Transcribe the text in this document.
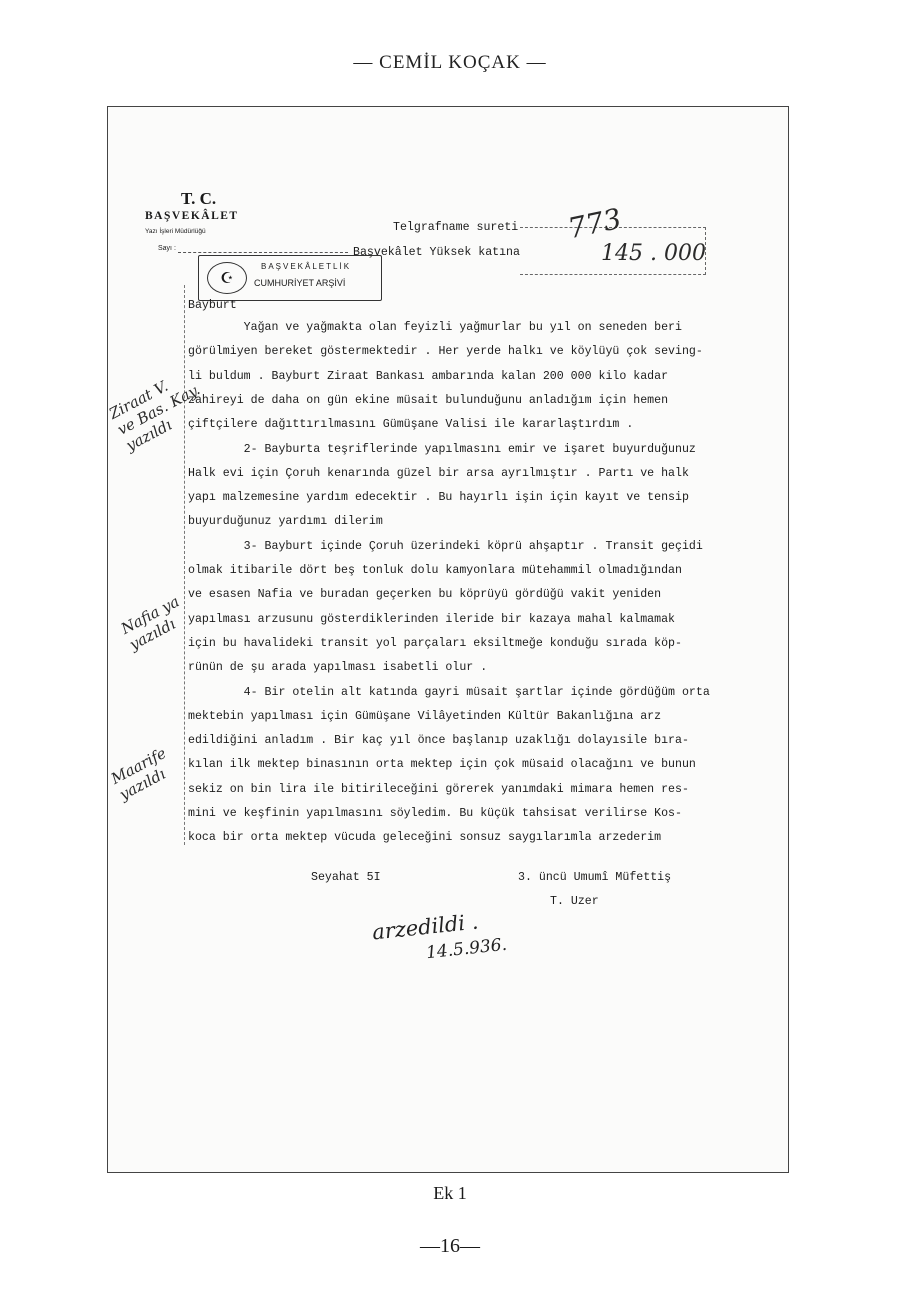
— CEMİL KOÇAK —
T. C.
BAŞVEKÂLET
Yazı İşleri Müdürlüğü
Sayı :
Telgrafname sureti
Başvekâlet Yüksek katına
773
145 . 000
☪
BAŞVEKÂLETLİK
CUMHURİYET ARŞİVİ
Bayburt
Yağan ve yağmakta olan feyizli yağmurlar bu yıl on seneden beri
görülmiyen bereket göstermektedir . Her yerde halkı ve köylüyü çok seving-
li buldum . Bayburt Ziraat Bankası ambarında kalan 200 000 kilo kadar
zahireyi de daha on gün ekine müsait bulunduğunu anladığım için hemen
çiftçilere dağıttırılmasını Gümüşane Valisi ile kararlaştırdım .
2- Bayburta teşriflerinde yapılmasını emir ve işaret buyurduğunuz
Halk evi için Çoruh kenarında güzel bir arsa ayrılmıştır . Partı ve halk
yapı malzemesine yardım edecektir . Bu hayırlı işin için kayıt ve tensip
buyurduğunuz yardımı dilerim
3- Bayburt içinde Çoruh üzerindeki köprü ahşaptır . Transit geçidi
olmak itibarile dört beş tonluk dolu kamyonlara mütehammil olmadığından
ve esasen Nafia ve buradan geçerken bu köprüyü gördüğü vakit yeniden
yapılması arzusunu gösterdiklerinden ileride bir kazaya mahal kalmamak
için bu havalideki transit yol parçaları eksiltmeğe konduğu sırada köp-
rünün de şu arada yapılması isabetli olur .
4- Bir otelin alt katında gayri müsait şartlar içinde gördüğüm orta
mektebin yapılması için Gümüşane Vilâyetinden Kültür Bakanlığına arz
edildiğini anladım . Bir kaç yıl önce başlanıp uzaklığı dolayısile bıra-
kılan ilk mektep binasının orta mektep için çok müsaid olacağını ve bunun
sekiz on bin lira ile bitirileceğini görerek yanımdaki mimara hemen res-
mini ve keşfinin yapılmasını söyledim. Bu küçük tahsisat verilirse Kos-
koca bir orta mektep vücuda geleceğini sonsuz saygılarımla arzederim
Seyahat 5I	3. üncü Umumî Müfettiş
T. Uzer
Ziraat V.
ve Bas. Kay.
yazıldı
Nafia ya
yazıldı
Maarife
yazıldı
arzedildi .
14.5.936.
Ek 1
—16—
